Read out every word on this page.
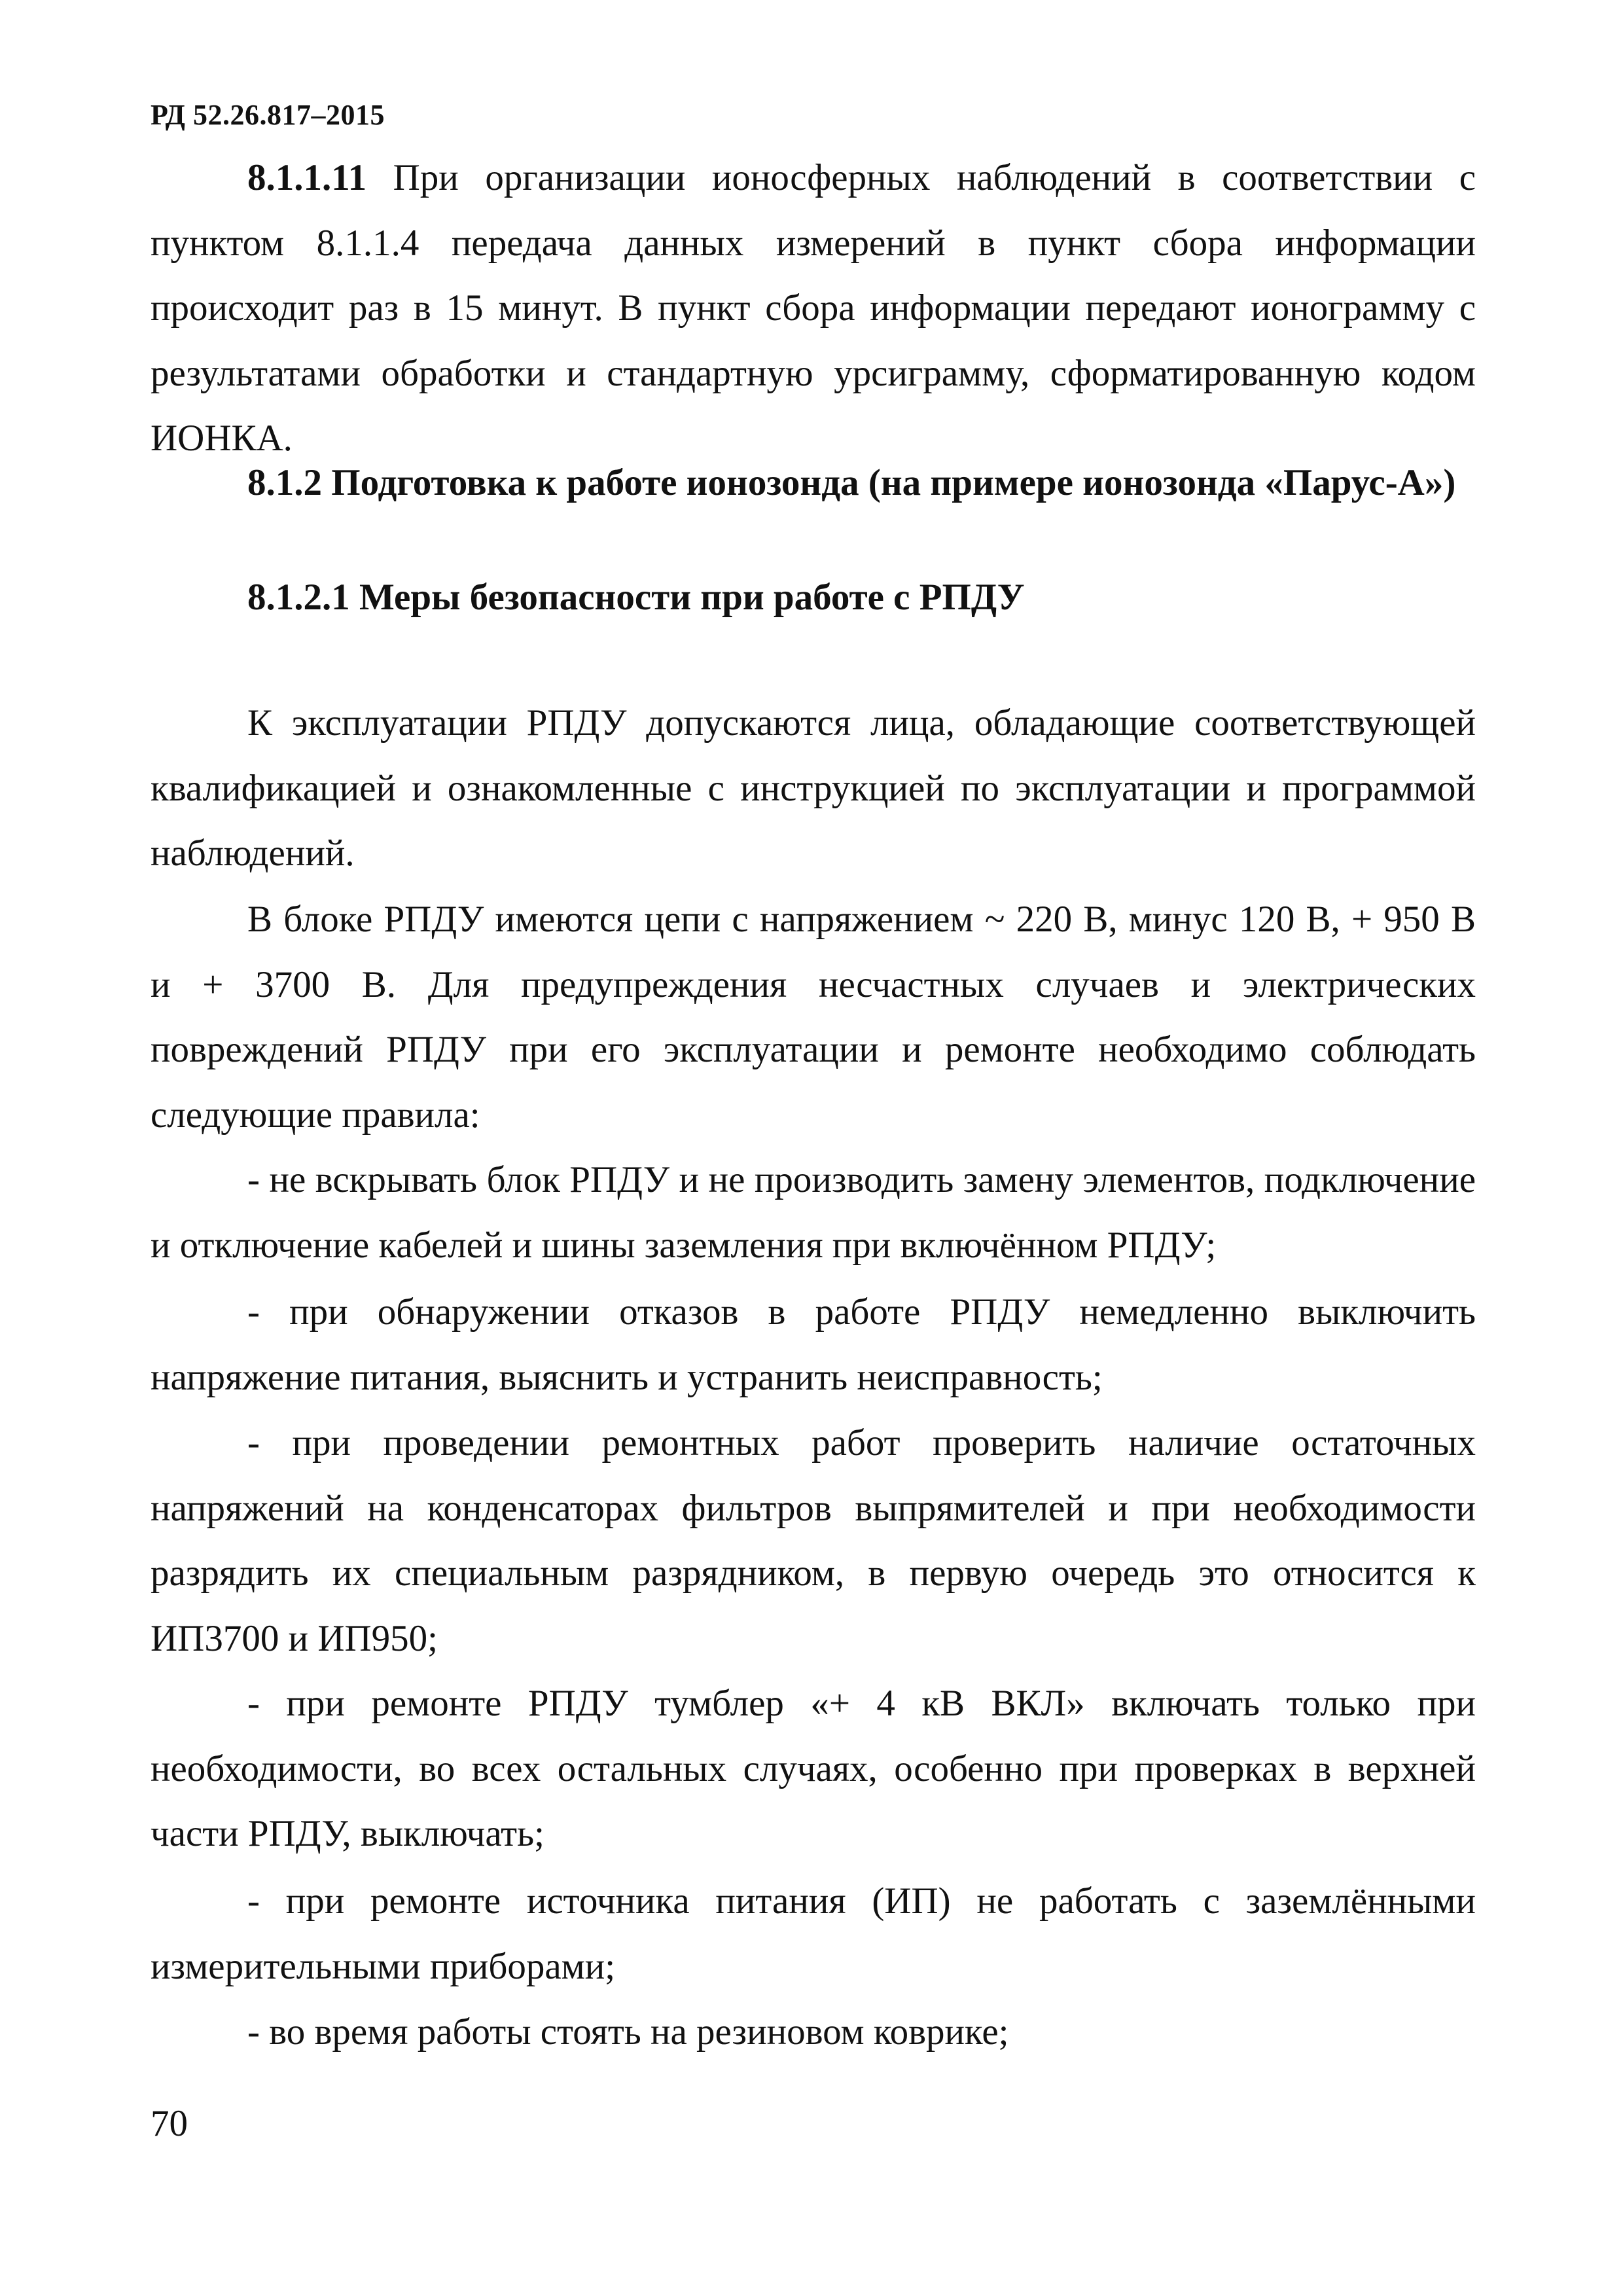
РД 52.26.817–2015

8.1.1.11 При организации ионосферных наблюдений в соответствии с пунктом 8.1.1.4 передача данных измерений в пункт сбора информации происходит раз в 15 минут. В пункт сбора информации передают ионограмму с результатами обработки и стандартную урсиграмму, сформатированную кодом ИОНКА.

8.1.2 Подготовка к работе ионозонда (на примере ионозонда «Парус-А»)
8.1.2.1 Меры безопасности при работе с РПДУ

К эксплуатации РПДУ допускаются лица, обладающие соответствующей квалификацией и ознакомленные с инструкцией по эксплуатации и программой наблюдений.

В блоке РПДУ имеются цепи с напряжением ~ 220 В, минус 120 В, + 950 В и + 3700 В. Для предупреждения несчастных случаев и электрических повреждений РПДУ при его эксплуатации и ремонте необходимо соблюдать следующие правила:

- не вскрывать блок РПДУ и не производить замену элементов, подключение и отключение кабелей и шины заземления при включённом РПДУ;

- при обнаружении отказов в работе РПДУ немедленно выключить напряжение питания, выяснить и устранить неисправность;

- при проведении ремонтных работ проверить наличие остаточных напряжений на конденсаторах фильтров выпрямителей и при необходимости разрядить их специальным разрядником, в первую очередь это относится к ИП3700 и ИП950;

- при ремонте РПДУ тумблер «+ 4 кВ ВКЛ» включать только при необходимости, во всех остальных случаях, особенно при проверках в верхней части РПДУ, выключать;

- при ремонте источника питания (ИП) не работать с заземлёнными измерительными приборами;

- во время работы стоять на резиновом коврике;

70
